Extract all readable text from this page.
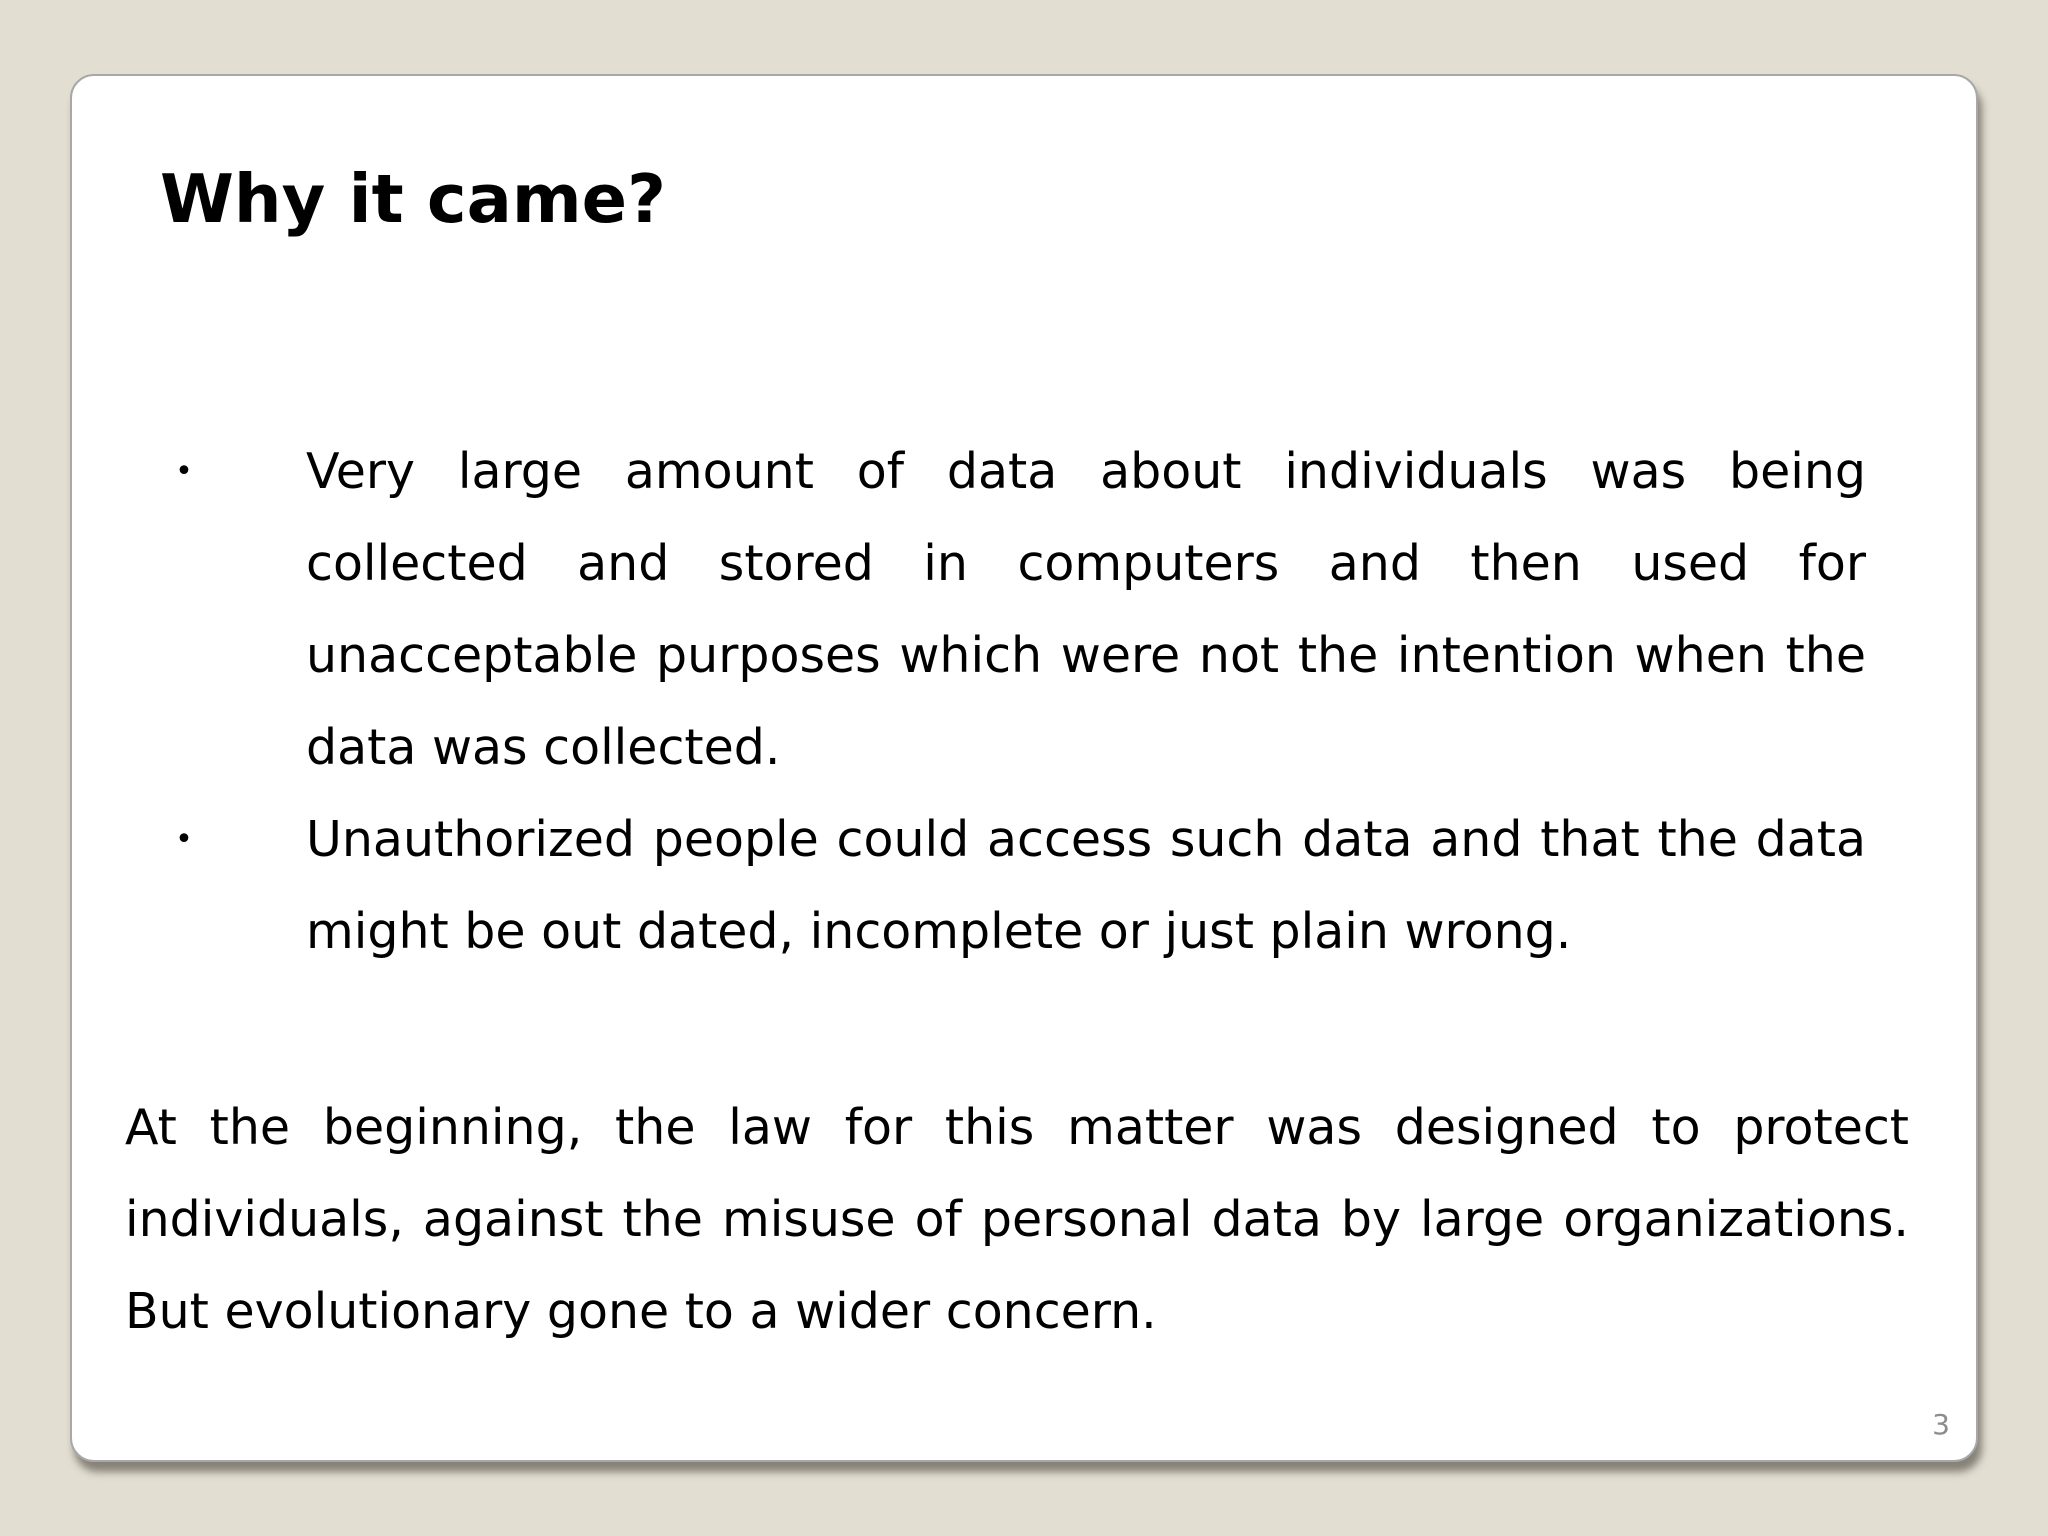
Why it came?
•	Very large amount of data about individuals was being collected and stored in computers and then used for unacceptable purposes which were not the intention when the data was collected.
•	Unauthorized people could access such data and that the data might be out dated, incomplete or just plain wrong.

At the beginning, the law for this matter was designed to protect individuals, against the misuse of personal data by large organizations. But evolutionary gone to a wider concern.

3
